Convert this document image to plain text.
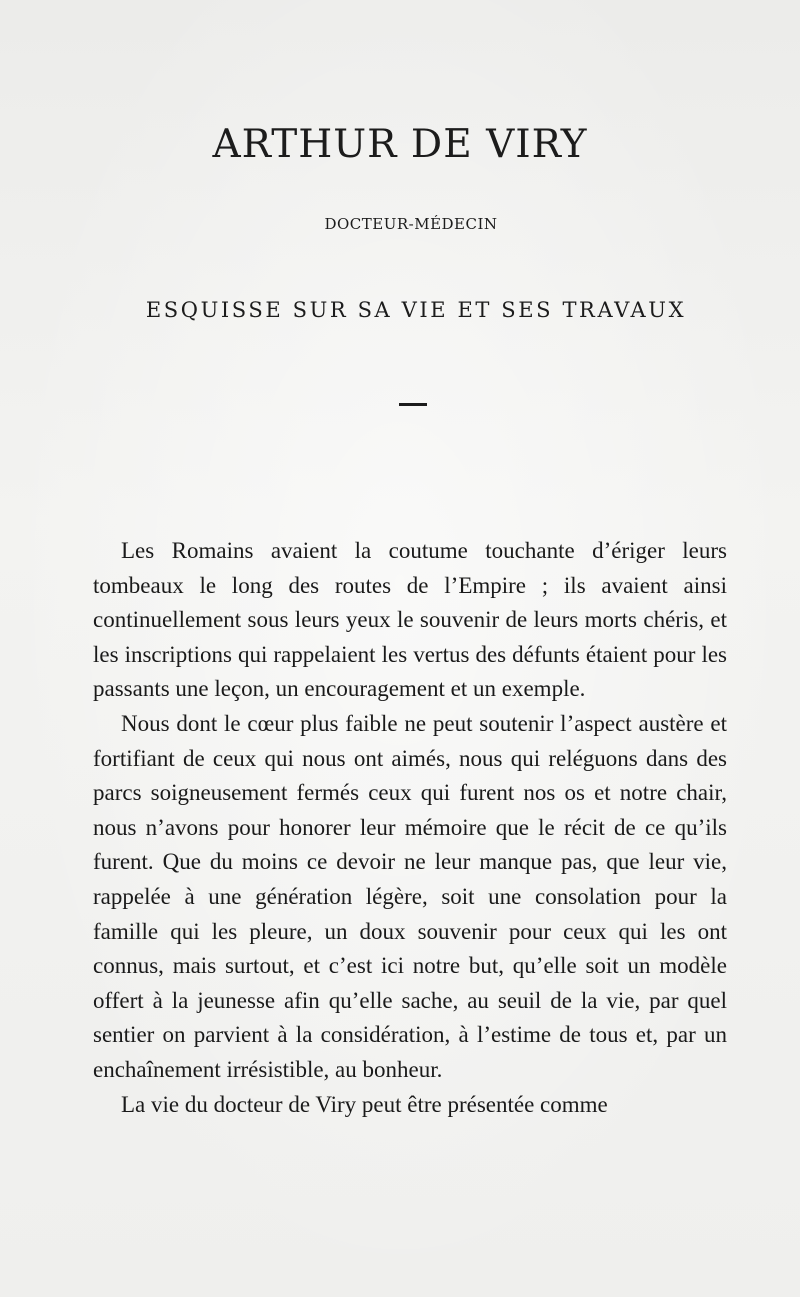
ARTHUR DE VIRY
DOCTEUR-MÉDECIN
ESQUISSE SUR SA VIE ET SES TRAVAUX

Les Romains avaient la coutume touchante d’ériger leurs tombeaux le long des routes de l’Empire ; ils avaient ainsi continuellement sous leurs yeux le souvenir de leurs morts chéris, et les inscriptions qui rappelaient les vertus des défunts étaient pour les passants une leçon, un encouragement et un exemple.

Nous dont le cœur plus faible ne peut soutenir l’aspect austère et fortifiant de ceux qui nous ont aimés, nous qui reléguons dans des parcs soigneusement fermés ceux qui furent nos os et notre chair, nous n’avons pour honorer leur mémoire que le récit de ce qu’ils furent. Que du moins ce devoir ne leur manque pas, que leur vie, rappelée à une génération légère, soit une consolation pour la famille qui les pleure, un doux souvenir pour ceux qui les ont connus, mais surtout, et c’est ici notre but, qu’elle soit un modèle offert à la jeunesse afin qu’elle sache, au seuil de la vie, par quel sentier on parvient à la considération, à l’estime de tous et, par un enchaînement irrésistible, au bonheur.

La vie du docteur de Viry peut être présentée comme
